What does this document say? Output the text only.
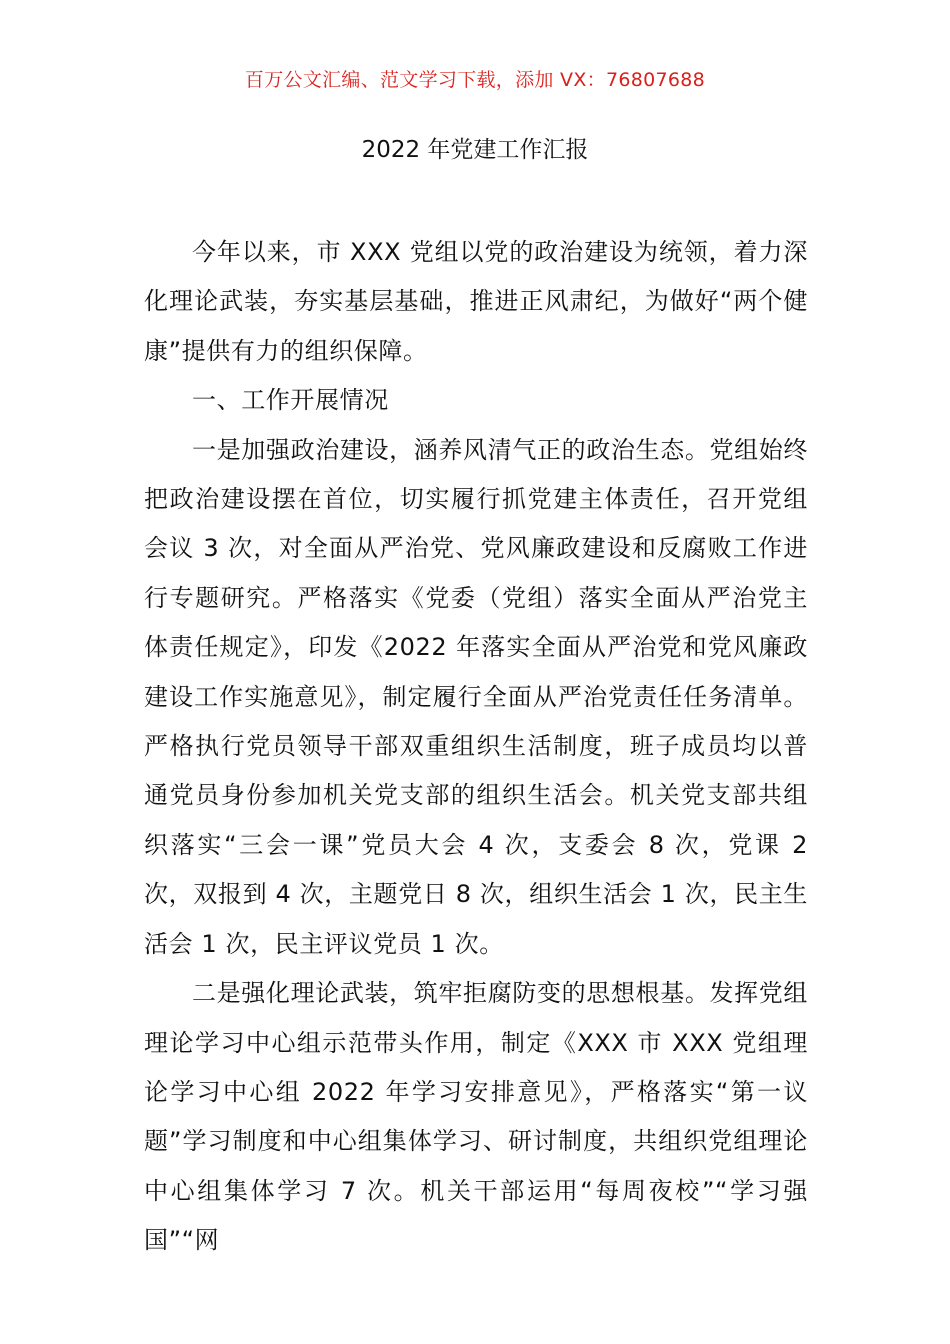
百万公文汇编、范文学习下载，添加 VX：76807688
2022 年党建工作汇报

今年以来，市 XXX 党组以党的政治建设为统领，着力深化理论武装，夯实基层基础，推进正风肃纪，为做好“两个健康”提供有力的组织保障。

一、工作开展情况

一是加强政治建设，涵养风清气正的政治生态。党组始终把政治建设摆在首位，切实履行抓党建主体责任，召开党组会议 3 次，对全面从严治党、党风廉政建设和反腐败工作进行专题研究。严格落实《党委（党组）落实全面从严治党主体责任规定》，印发《2022 年落实全面从严治党和党风廉政建设工作实施意见》，制定履行全面从严治党责任任务清单。严格执行党员领导干部双重组织生活制度，班子成员均以普通党员身份参加机关党支部的组织生活会。机关党支部共组织落实“三会一课”党员大会 4 次，支委会 8 次，党课 2 次，双报到 4 次，主题党日 8 次，组织生活会 1 次，民主生活会 1 次，民主评议党员 1 次。

二是强化理论武装，筑牢拒腐防变的思想根基。发挥党组理论学习中心组示范带头作用，制定《XXX 市 XXX 党组理论学习中心组 2022 年学习安排意见》，严格落实“第一议题”学习制度和中心组集体学习、研讨制度，共组织党组理论中心组集体学习 7 次。机关干部运用“每周夜校”“学习强国”“网
